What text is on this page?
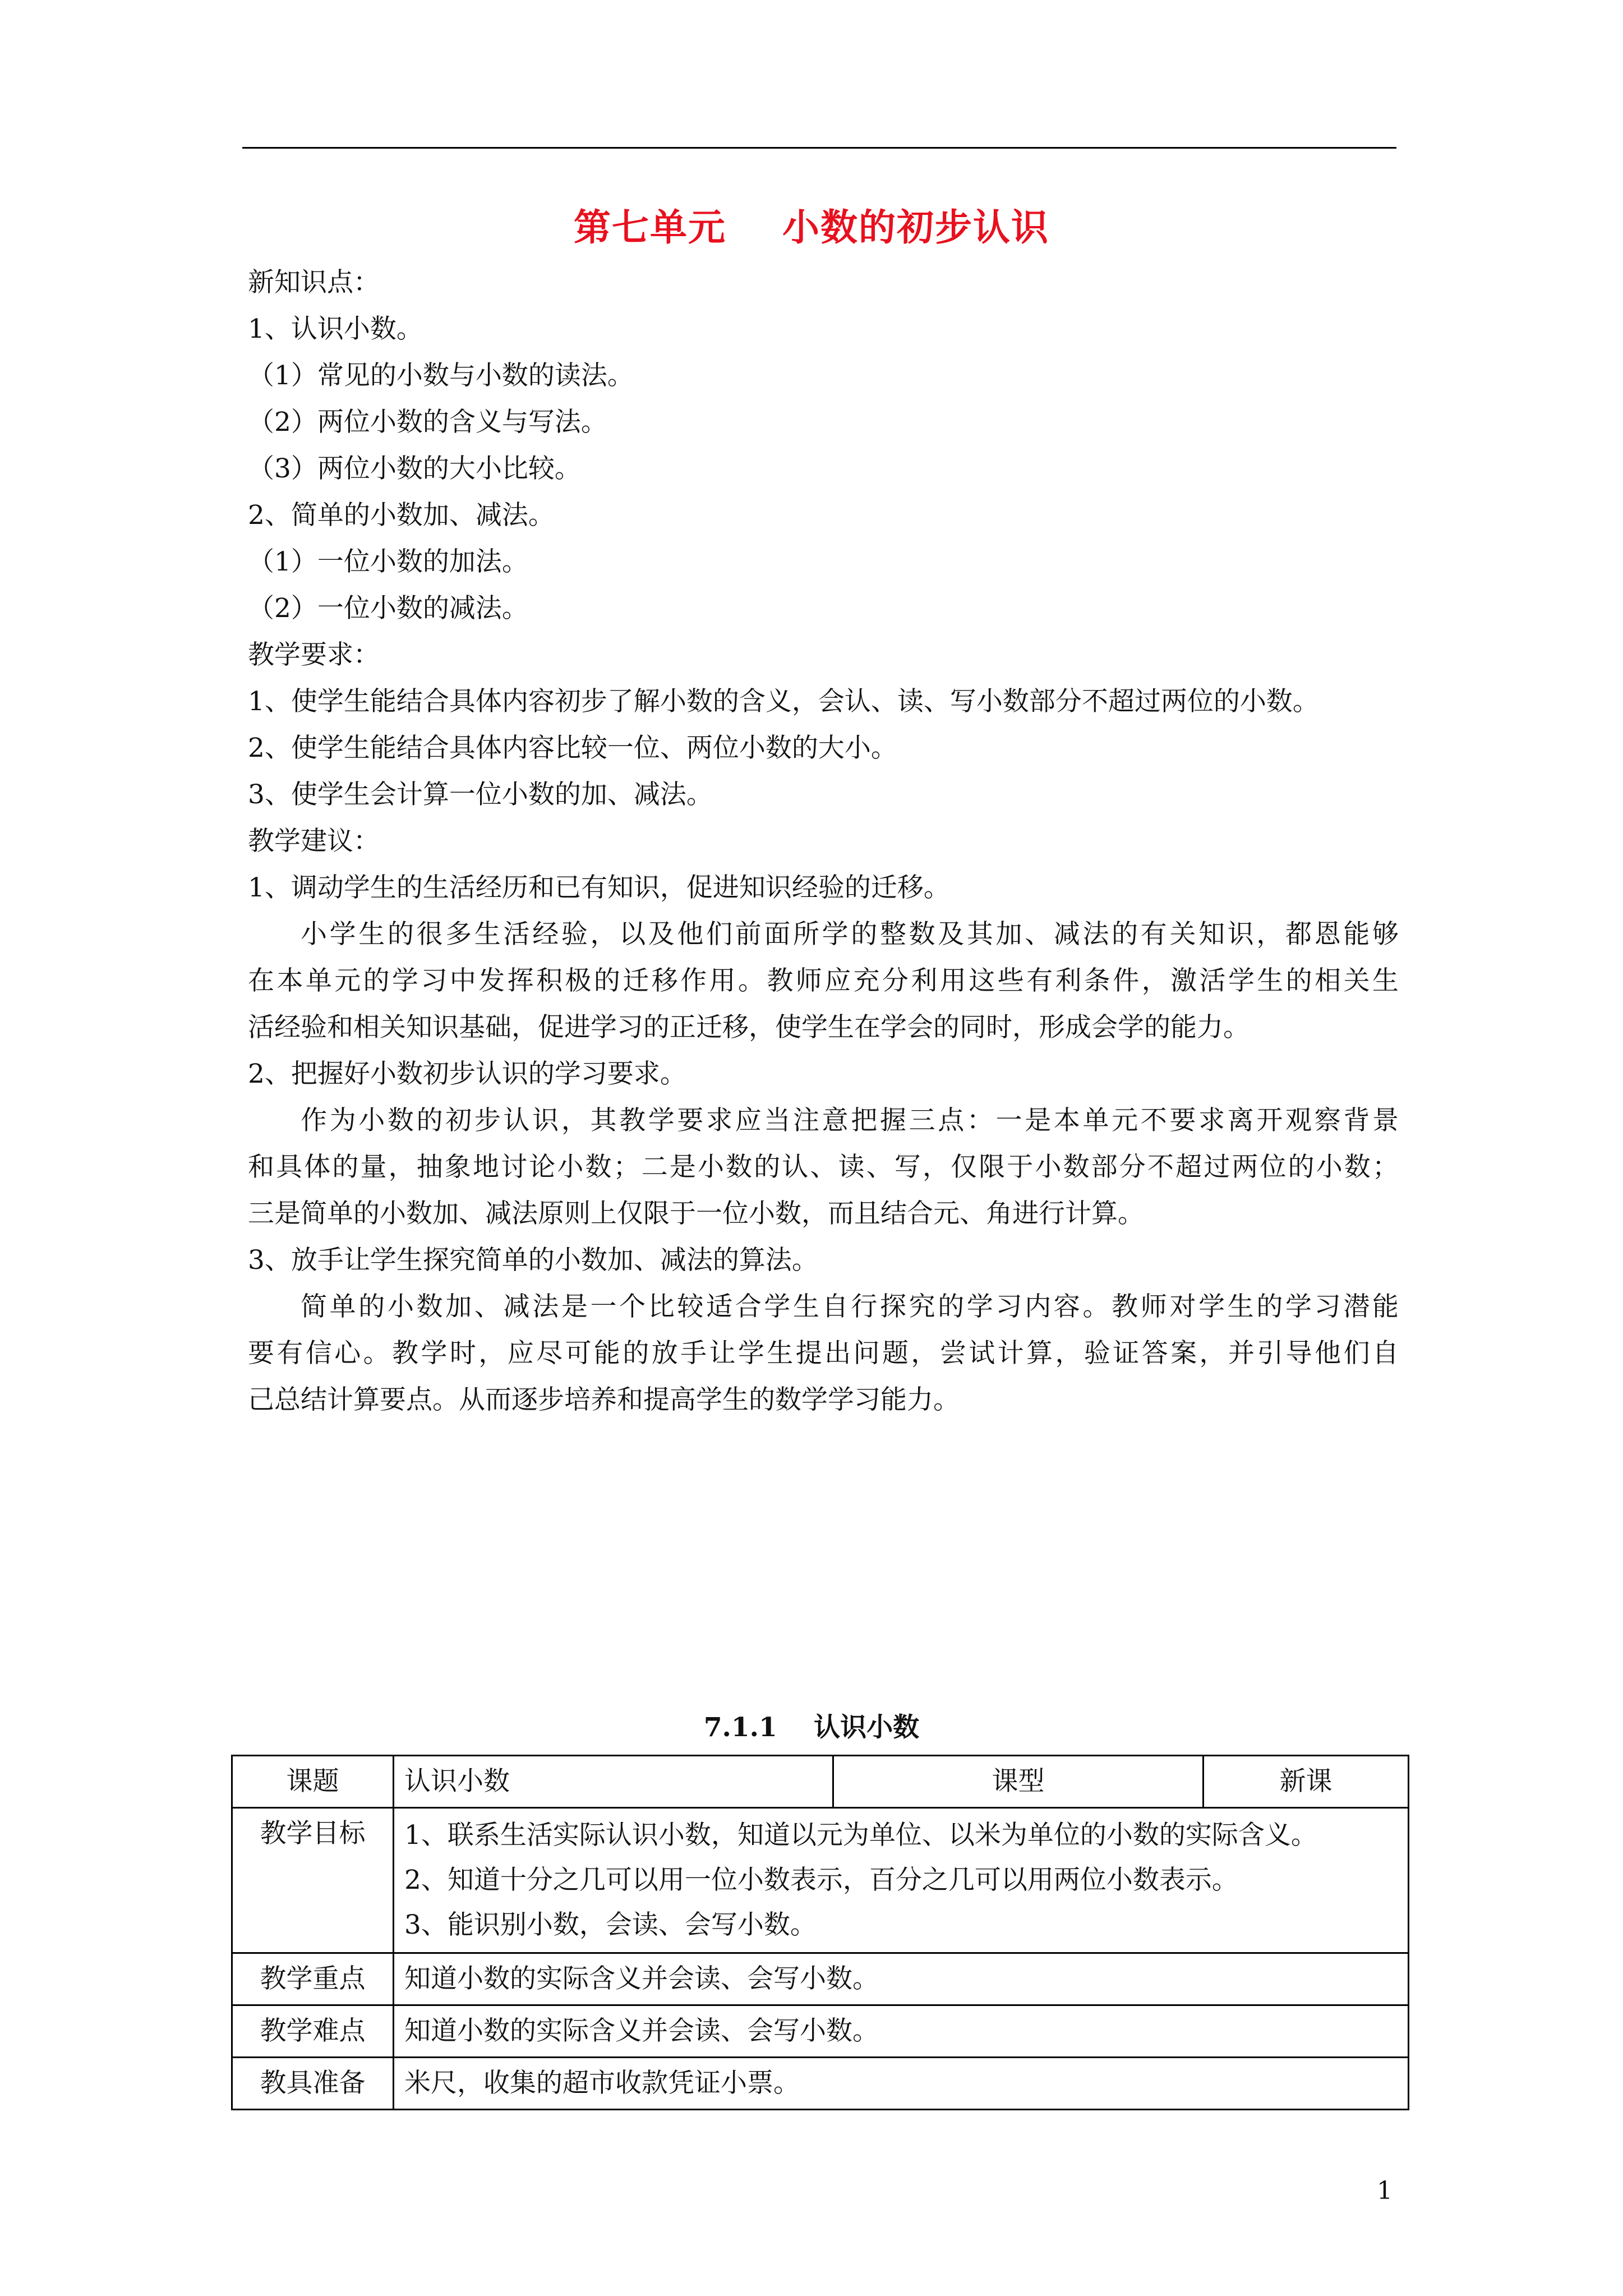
第七单元    小数的初步认识
新知识点：
1、认识小数。
（1）常见的小数与小数的读法。
（2）两位小数的含义与写法。
（3）两位小数的大小比较。
2、简单的小数加、减法。
（1）一位小数的加法。
（2）一位小数的减法。
教学要求：
1、使学生能结合具体内容初步了解小数的含义，会认、读、写小数部分不超过两位的小数。
2、使学生能结合具体内容比较一位、两位小数的大小。
3、使学生会计算一位小数的加、减法。
教学建议：
1、调动学生的生活经历和已有知识，促进知识经验的迁移。
小学生的很多生活经验，以及他们前面所学的整数及其加、减法的有关知识，都恩能够
在本单元的学习中发挥积极的迁移作用。教师应充分利用这些有利条件，激活学生的相关生
活经验和相关知识基础，促进学习的正迁移，使学生在学会的同时，形成会学的能力。
2、把握好小数初步认识的学习要求。
作为小数的初步认识，其教学要求应当注意把握三点：一是本单元不要求离开观察背景
和具体的量，抽象地讨论小数；二是小数的认、读、写，仅限于小数部分不超过两位的小数；
三是简单的小数加、减法原则上仅限于一位小数，而且结合元、角进行计算。
3、放手让学生探究简单的小数加、减法的算法。
简单的小数加、减法是一个比较适合学生自行探究的学习内容。教师对学生的学习潜能
要有信心。教学时，应尽可能的放手让学生提出问题，尝试计算，验证答案，并引导他们自
己总结计算要点。从而逐步培养和提高学生的数学学习能力。
7.1.1    认识小数
课题	认识小数	课型	新课
教学目标	1、联系生活实际认识小数，知道以元为单位、以米为单位的小数的实际含义。
2、知道十分之几可以用一位小数表示，百分之几可以用两位小数表示。
3、能识别小数，会读、会写小数。		

教学重点	知道小数的实际含义并会读、会写小数。		
教学难点	知道小数的实际含义并会读、会写小数。		
教具准备	米尺，收集的超市收款凭证小票。		
1
